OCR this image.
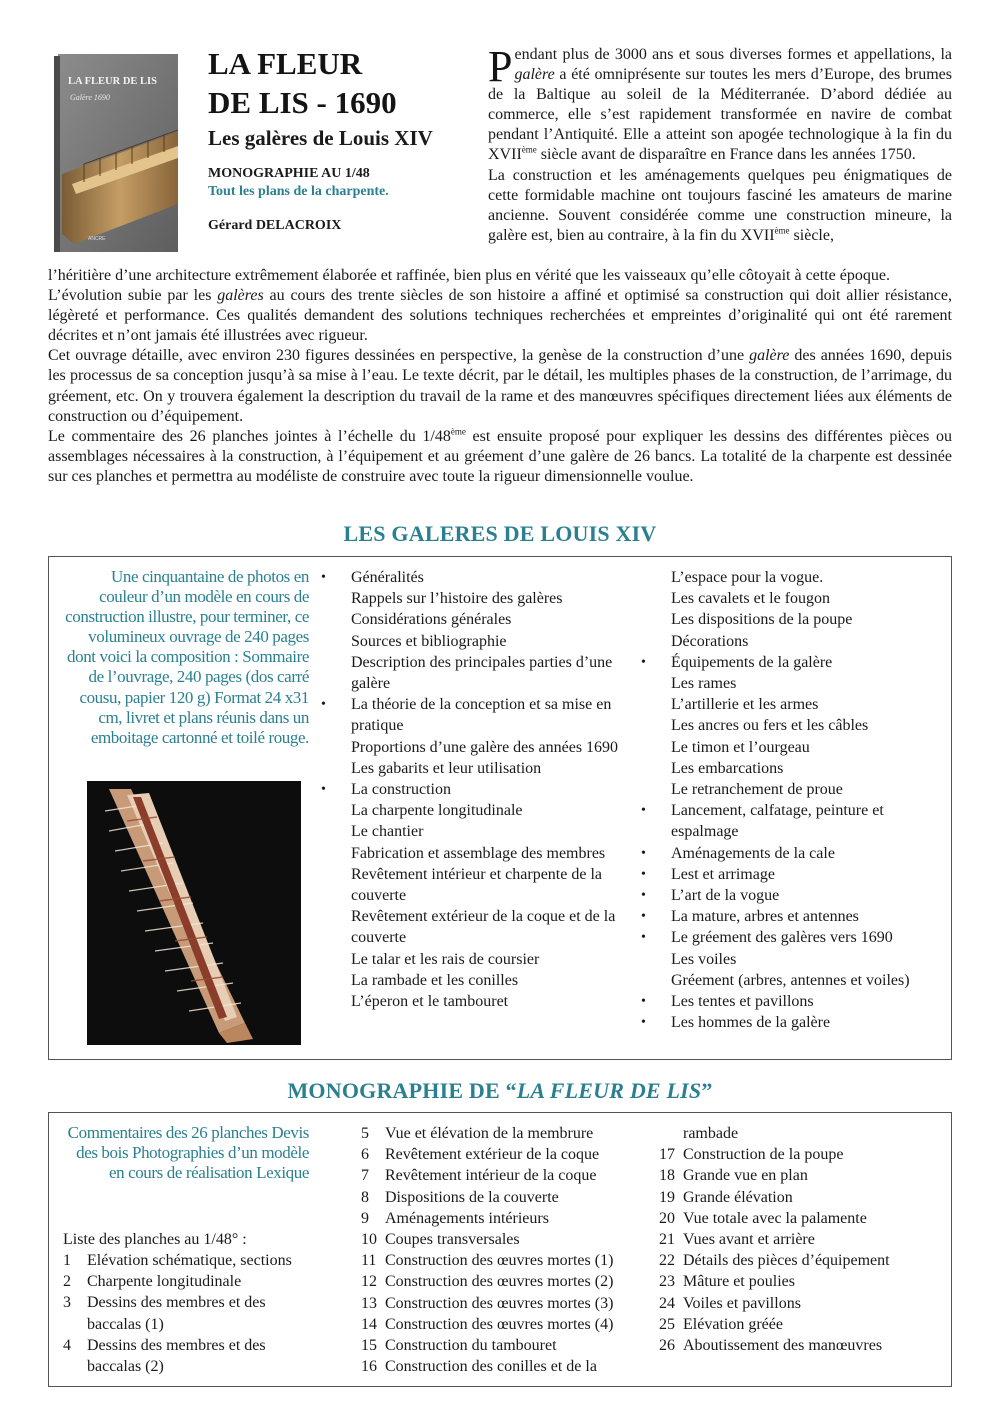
LA FLEUR DE LIS
Galère 1690
ANCRE
LA FLEUR
DE LIS - 1690
Les galères de Louis XIV
MONOGRAPHIE AU 1/48
Tout les plans de la charpente.
Gérard DELACROIX

Pendant plus de 3000 ans et sous diverses formes et appellations, la galère a été omniprésente sur toutes les mers d’Europe, des brumes de la Baltique au soleil de la Méditerranée. D’abord dédiée au commerce, elle s’est rapidement transformée en navire de combat pendant l’Antiquité. Elle a atteint son apogée technologique à la fin du XVIIème siècle avant de disparaître en France dans les années 1750.

La construction et les aménagements quelques peu énigmatiques de cette formidable machine ont toujours fasciné les amateurs de marine ancienne. Souvent considérée comme une construction mineure, la galère est, bien au contraire, à la fin du XVIIème siècle,

l’héritière d’une architecture extrêmement élaborée et raffinée, bien plus en vérité que les vaisseaux qu’elle côtoyait à cette époque.

L’évolution subie par les galères au cours des trente siècles de son histoire a affiné et optimisé sa construction qui doit allier résistance, légèreté et performance. Ces qualités demandent des solutions techniques recherchées et empreintes d’originalité qui ont été rarement décrites et n’ont jamais été illustrées avec rigueur.

Cet ouvrage détaille, avec environ 230 figures dessinées en perspective, la genèse de la construction d’une galère des années 1690, depuis les processus de sa conception jusqu’à sa mise à l’eau. Le texte décrit, par le détail, les multiples phases de la construction, de l’arrimage, du gréement, etc. On y trouvera également la description du travail de la rame et des manœuvres spécifiques directement liées aux éléments de construction ou d’équipement.

Le commentaire des 26 planches jointes à l’échelle du 1/48ème est ensuite proposé pour expliquer les dessins des différentes pièces ou assemblages nécessaires à la construction, à l’équipement et au gréement d’une galère de 26 bancs. La totalité de la charpente est dessinée sur ces planches et permettra au modéliste de construire avec toute la rigueur dimensionnelle voulue.

LES GALERES DE LOUIS XIV
Une cinquantaine de photos en couleur d’un modèle en cours de construction illustre, pour terminer, ce volumineux ouvrage de 240 pages dont voici la composition : Sommaire de l’ouvrage, 240 pages (dos carré cousu, papier 120 g) Format 24 x31 cm, livret et plans réunis dans un emboitage cartonné et toilé rouge.
• Généralités
Rappels sur l’histoire des galères
Considérations générales
Sources et bibliographie
Description des principales parties d’une galère
• La théorie de la conception et sa mise en pratique
Proportions d’une galère des années 1690
Les gabarits et leur utilisation
• La construction
La charpente longitudinale
Le chantier
Fabrication et assemblage des membres
Revêtement intérieur et charpente de la couverte
Revêtement extérieur de la coque et de la couverte
Le talar et les rais de coursier
La rambade et les conilles
L’éperon et le tambouret
L’espace pour la vogue.
Les cavalets et le fougon
Les dispositions de la poupe
Décorations
• Équipements de la galère
Les rames
L’artillerie et les armes
Les ancres ou fers et les câbles
Le timon et l’ourgeau
Les embarcations
Le retranchement de proue
• Lancement, calfatage, peinture et espalmage
• Aménagements de la cale
• Lest et arrimage
• L’art de la vogue
• La mature, arbres et antennes
• Le gréement des galères vers 1690
Les voiles
Gréement (arbres, antennes et voiles)
• Les tentes et pavillons
• Les hommes de la galère
MONOGRAPHIE DE “LA FLEUR DE LIS”
Commentaires des 26 planches Devis des bois Photographies d’un modèle en cours de réalisation Lexique
Liste des planches au 1/48° :
1 Elévation schématique, sections
2 Charpente longitudinale
3 Dessins des membres et des baccalas (1)
4 Dessins des membres et des baccalas (2)
5 Vue et élévation de la membrure
6 Revêtement extérieur de la coque
7 Revêtement intérieur de la coque
8 Dispositions de la couverte
9 Aménagements intérieurs
10 Coupes transversales
11 Construction des œuvres mortes (1)
12 Construction des œuvres mortes (2)
13 Construction des œuvres mortes (3)
14 Construction des œuvres mortes (4)
15 Construction du tambouret
16 Construction des conilles et de la
rambade
17 Construction de la poupe
18 Grande vue en plan
19 Grande élévation
20 Vue totale avec la palamente
21 Vues avant et arrière
22 Détails des pièces d’équipement
23 Mâture et poulies
24 Voiles et pavillons
25 Elévation gréée
26 Aboutissement des manœuvres
